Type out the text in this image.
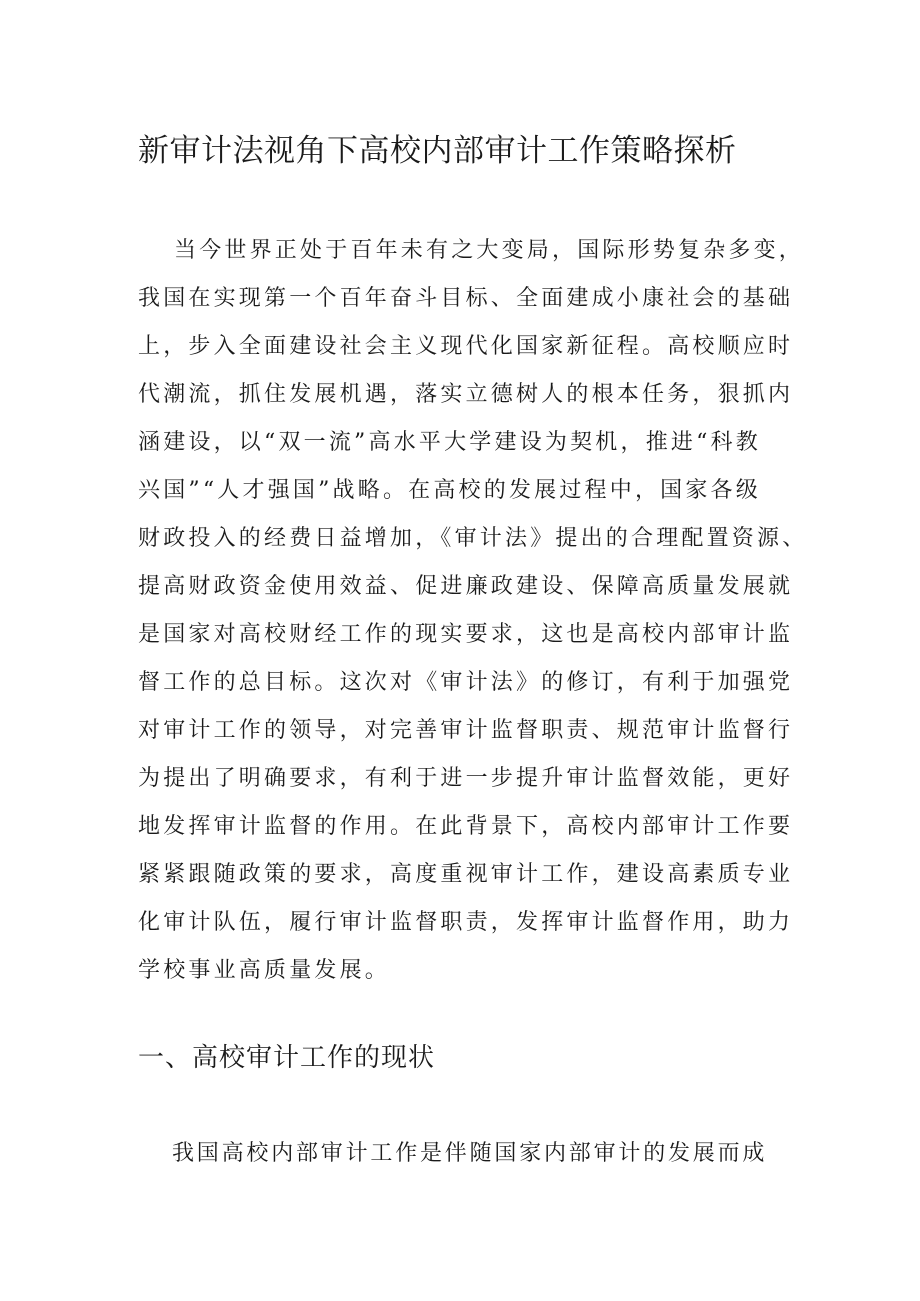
新审计法视角下高校内部审计工作策略探析
当今世界正处于百年未有之大变局，国际形势复杂多变，
我国在实现第一个百年奋斗目标、全面建成小康社会的基础
上，步入全面建设社会主义现代化国家新征程。高校顺应时
代潮流，抓住发展机遇，落实立德树人的根本任务，狠抓内
涵建设，以“双一流”高水平大学建设为契机，推进“科教
兴国”“人才强国”战略。在高校的发展过程中，国家各级
财政投入的经费日益增加，《审计法》提出的合理配置资源、
提高财政资金使用效益、促进廉政建设、保障高质量发展就
是国家对高校财经工作的现实要求，这也是高校内部审计监
督工作的总目标。这次对《审计法》的修订，有利于加强党
对审计工作的领导，对完善审计监督职责、规范审计监督行
为提出了明确要求，有利于进一步提升审计监督效能，更好
地发挥审计监督的作用。在此背景下，高校内部审计工作要
紧紧跟随政策的要求，高度重视审计工作，建设高素质专业
化审计队伍，履行审计监督职责，发挥审计监督作用，助力
学校事业高质量发展。
一、高校审计工作的现状
我国高校内部审计工作是伴随国家内部审计的发展而成
